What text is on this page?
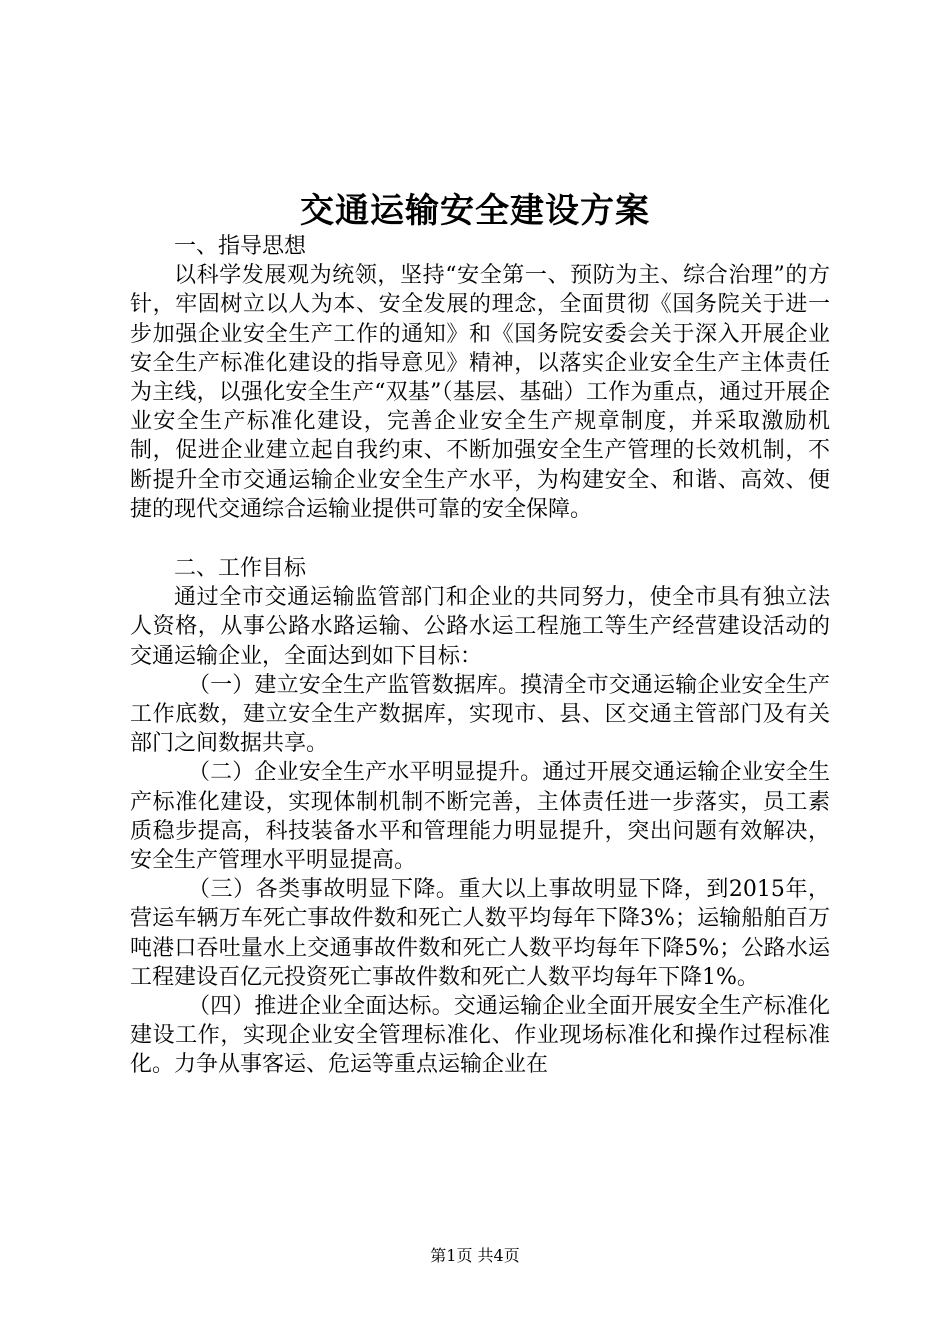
交通运输安全建设方案

一、指导思想

以科学发展观为统领，坚持“安全第一、预防为主、综合治理”的方针，牢固树立以人为本、安全发展的理念，全面贯彻《国务院关于进一步加强企业安全生产工作的通知》和《国务院安委会关于深入开展企业安全生产标准化建设的指导意见》精神，以落实企业安全生产主体责任为主线，以强化安全生产“双基”（基层、基础）工作为重点，通过开展企业安全生产标准化建设，完善企业安全生产规章制度，并采取激励机制，促进企业建立起自我约束、不断加强安全生产管理的长效机制，不断提升全市交通运输企业安全生产水平，为构建安全、和谐、高效、便捷的现代交通综合运输业提供可靠的安全保障。

二、工作目标

通过全市交通运输监管部门和企业的共同努力，使全市具有独立法人资格，从事公路水路运输、公路水运工程施工等生产经营建设活动的交通运输企业，全面达到如下目标：

（一）建立安全生产监管数据库。摸清全市交通运输企业安全生产工作底数，建立安全生产数据库，实现市、县、区交通主管部门及有关部门之间数据共享。

（二）企业安全生产水平明显提升。通过开展交通运输企业安全生产标准化建设，实现体制机制不断完善，主体责任进一步落实，员工素质稳步提高，科技装备水平和管理能力明显提升，突出问题有效解决，安全生产管理水平明显提高。

（三）各类事故明显下降。重大以上事故明显下降，到2015年，营运车辆万车死亡事故件数和死亡人数平均每年下降3%；运输船舶百万吨港口吞吐量水上交通事故件数和死亡人数平均每年下降5%；公路水运工程建设百亿元投资死亡事故件数和死亡人数平均每年下降1%。

（四）推进企业全面达标。交通运输企业全面开展安全生产标准化建设工作，实现企业安全管理标准化、作业现场标准化和操作过程标准化。力争从事客运、危运等重点运输企业在

第1页 共4页
